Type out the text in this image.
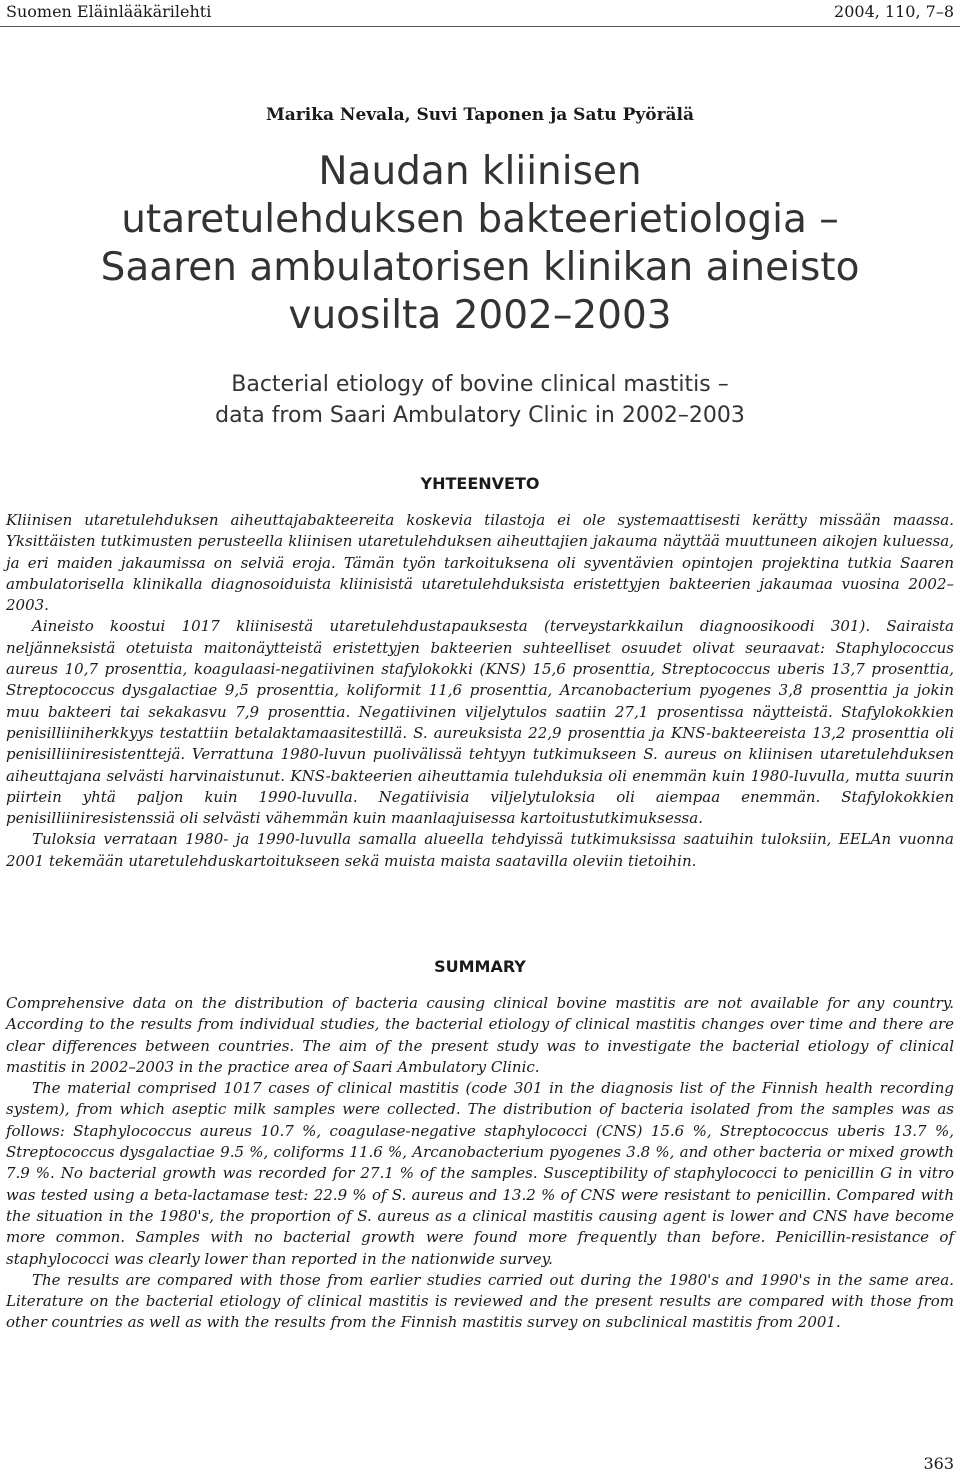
Suomen Eläinlääkärilehti	2004, 110, 7–8
Marika Nevala, Suvi Taponen ja Satu Pyörälä
Naudan kliinisen
utaretulehduksen bakteerietiologia –
Saaren ambulatorisen klinikan aineisto
vuosilta 2002–2003
Bacterial etiology of bovine clinical mastitis –
data from Saari Ambulatory Clinic in 2002–2003
YHTEENVETO

Kliinisen utaretulehduksen aiheuttajabakteereita koskevia tilastoja ei ole systemaattisesti kerätty missään maassa. Yksittäisten tutkimusten perusteella kliinisen utaretulehduksen aiheuttajien jakauma näyttää muuttuneen aikojen kuluessa, ja eri maiden jakaumissa on selviä eroja. Tämän työn tarkoituksena oli syventävien opintojen projektina tutkia Saaren ambulatorisella klinikalla diagnosoiduista kliinisistä utaretulehduksista eristettyjen bakteerien jakaumaa vuosina 2002–2003.

Aineisto koostui 1017 kliinisestä utaretulehdustapauksesta (terveystarkkailun diagnoosikoodi 301). Sairaista neljänneksistä otetuista maitonäytteistä eristettyjen bakteerien suhteelliset osuudet olivat seuraavat: Staphylococcus aureus 10,7 prosenttia, koagulaasi-negatiivinen stafylokokki (KNS) 15,6 prosenttia, Streptococcus uberis 13,7 prosenttia, Streptococcus dysgalactiae 9,5 prosenttia, koliformit 11,6 prosenttia, Arcanobacterium pyogenes 3,8 prosenttia ja jokin muu bakteeri tai sekakasvu 7,9 prosenttia. Negatiivinen viljelytulos saatiin 27,1 prosentissa näytteistä. Stafylokokkien penisilliiniherkkyys testattiin betalaktamaasitestillä. S. aureuksista 22,9 prosenttia ja KNS-bakteereista 13,2 prosenttia oli penisilliiniresistenttejä. Verrattuna 1980-luvun puolivälissä tehtyyn tutkimukseen S. aureus on kliinisen utaretulehduksen aiheuttajana selvästi harvinaistunut. KNS-bakteerien aiheuttamia tulehduksia oli enemmän kuin 1980-luvulla, mutta suurin piirtein yhtä paljon kuin 1990-luvulla. Negatiivisia viljelytuloksia oli aiempaa enemmän. Stafylokokkien penisilliiniresistenssiä oli selvästi vähemmän kuin maanlaajuisessa kartoitustutkimuksessa.

Tuloksia verrataan 1980- ja 1990-luvulla samalla alueella tehdyissä tutkimuksissa saatuihin tuloksiin, EELAn vuonna 2001 tekemään utaretulehduskartoitukseen sekä muista maista saatavilla oleviin tietoihin.

SUMMARY

Comprehensive data on the distribution of bacteria causing clinical bovine mastitis are not available for any country. According to the results from individual studies, the bacterial etiology of clinical mastitis changes over time and there are clear differences between countries. The aim of the present study was to investigate the bacterial etiology of clinical mastitis in 2002–2003 in the practice area of Saari Ambulatory Clinic.

The material comprised 1017 cases of clinical mastitis (code 301 in the diagnosis list of the Finnish health recording system), from which aseptic milk samples were collected. The distribution of bacteria isolated from the samples was as follows: Staphylococcus aureus 10.7 %, coagulase-negative staphylococci (CNS) 15.6 %, Streptococcus uberis 13.7 %, Streptococcus dysgalactiae 9.5 %, coliforms 11.6 %, Arcanobacterium pyogenes 3.8 %, and other bacteria or mixed growth 7.9 %. No bacterial growth was recorded for 27.1 % of the samples. Susceptibility of staphylococci to penicillin G in vitro was tested using a beta-lactamase test: 22.9 % of S. aureus and 13.2 % of CNS were resistant to penicillin. Compared with the situation in the 1980's, the proportion of S. aureus as a clinical mastitis causing agent is lower and CNS have become more common. Samples with no bacterial growth were found more frequently than before. Penicillin-resistance of staphylococci was clearly lower than reported in the nationwide survey.

The results are compared with those from earlier studies carried out during the 1980's and 1990's in the same area. Literature on the bacterial etiology of clinical mastitis is reviewed and the present results are compared with those from other countries as well as with the results from the Finnish mastitis survey on subclinical mastitis from 2001.

363
